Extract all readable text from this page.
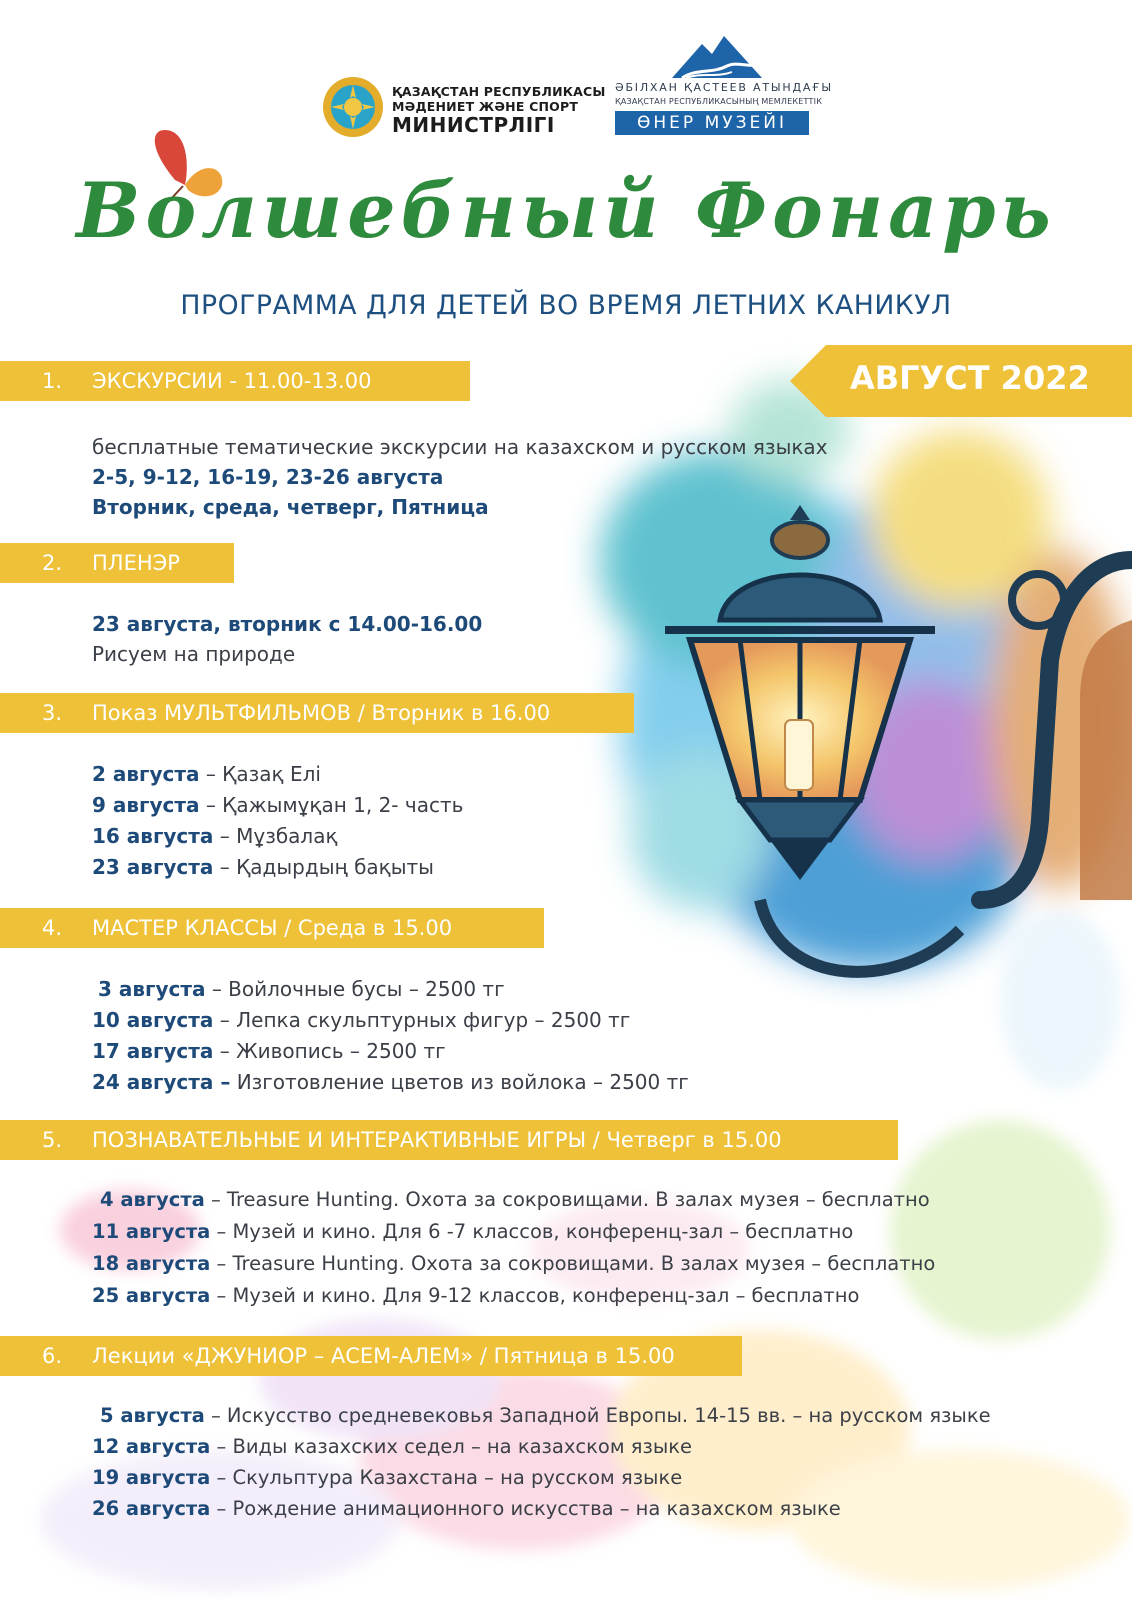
ҚАЗАҚСТАН РЕСПУБЛИКАСЫ
МӘДЕНИЕТ ЖӘНЕ СПОРТ
МИНИСТРЛІГІ
ӘБІЛХАН ҚАСТЕЕВ АТЫНДАҒЫ
ҚАЗАҚСТАН РЕСПУБЛИКАСЫНЫҢ МЕМЛЕКЕТТІК
ӨНЕР МУЗЕЙІ
Волшебный Фонарь
ПРОГРАММА ДЛЯ ДЕТЕЙ ВО ВРЕМЯ ЛЕТНИХ КАНИКУЛ
АВГУСТ 2022
1. ЭКСКУРСИИ - 11.00-13.00
бесплатные тематические экскурсии на казахском и русском языках
2-5, 9-12, 16-19, 23-26 августа
Вторник, среда, четверг, Пятница
2. ПЛЕНЭР
23 августа, вторник с 14.00-16.00
Рисуем на природе
3. Показ МУЛЬТФИЛЬМОВ / Вторник в 16.00
2 августа – Қазақ Елі
9 августа – Қажымұқан 1, 2- часть
16 августа – Мұзбалақ
23 августа – Қадырдың бақыты
4. МАСТЕР КЛАССЫ / Среда в 15.00
3 августа – Войлочные бусы – 2500 тг
10 августа – Лепка скульптурных фигур – 2500 тг
17 августа – Живопись – 2500 тг
24 августа – Изготовление цветов из войлока – 2500 тг
5. ПОЗНАВАТЕЛЬНЫЕ И ИНТЕРАКТИВНЫЕ ИГРЫ / Четверг в 15.00
4 августа – Treasure Hunting. Охота за сокровищами. В залах музея – бесплатно
11 августа – Музей и кино. Для 6 -7 классов, конференц-зал – бесплатно
18 августа – Treasure Hunting. Охота за сокровищами. В залах музея – бесплатно
25 августа – Музей и кино. Для 9-12 классов, конференц-зал – бесплатно
6. Лекции «ДЖУНИОР – АСЕМ-АЛЕМ» / Пятница в 15.00
5 августа – Искусство средневековья Западной Европы. 14-15 вв. – на русском языке
12 августа – Виды казахских седел – на казахском языке
19 августа – Скульптура Казахстана – на русском языке
26 августа – Рождение анимационного искусства – на казахском языке
